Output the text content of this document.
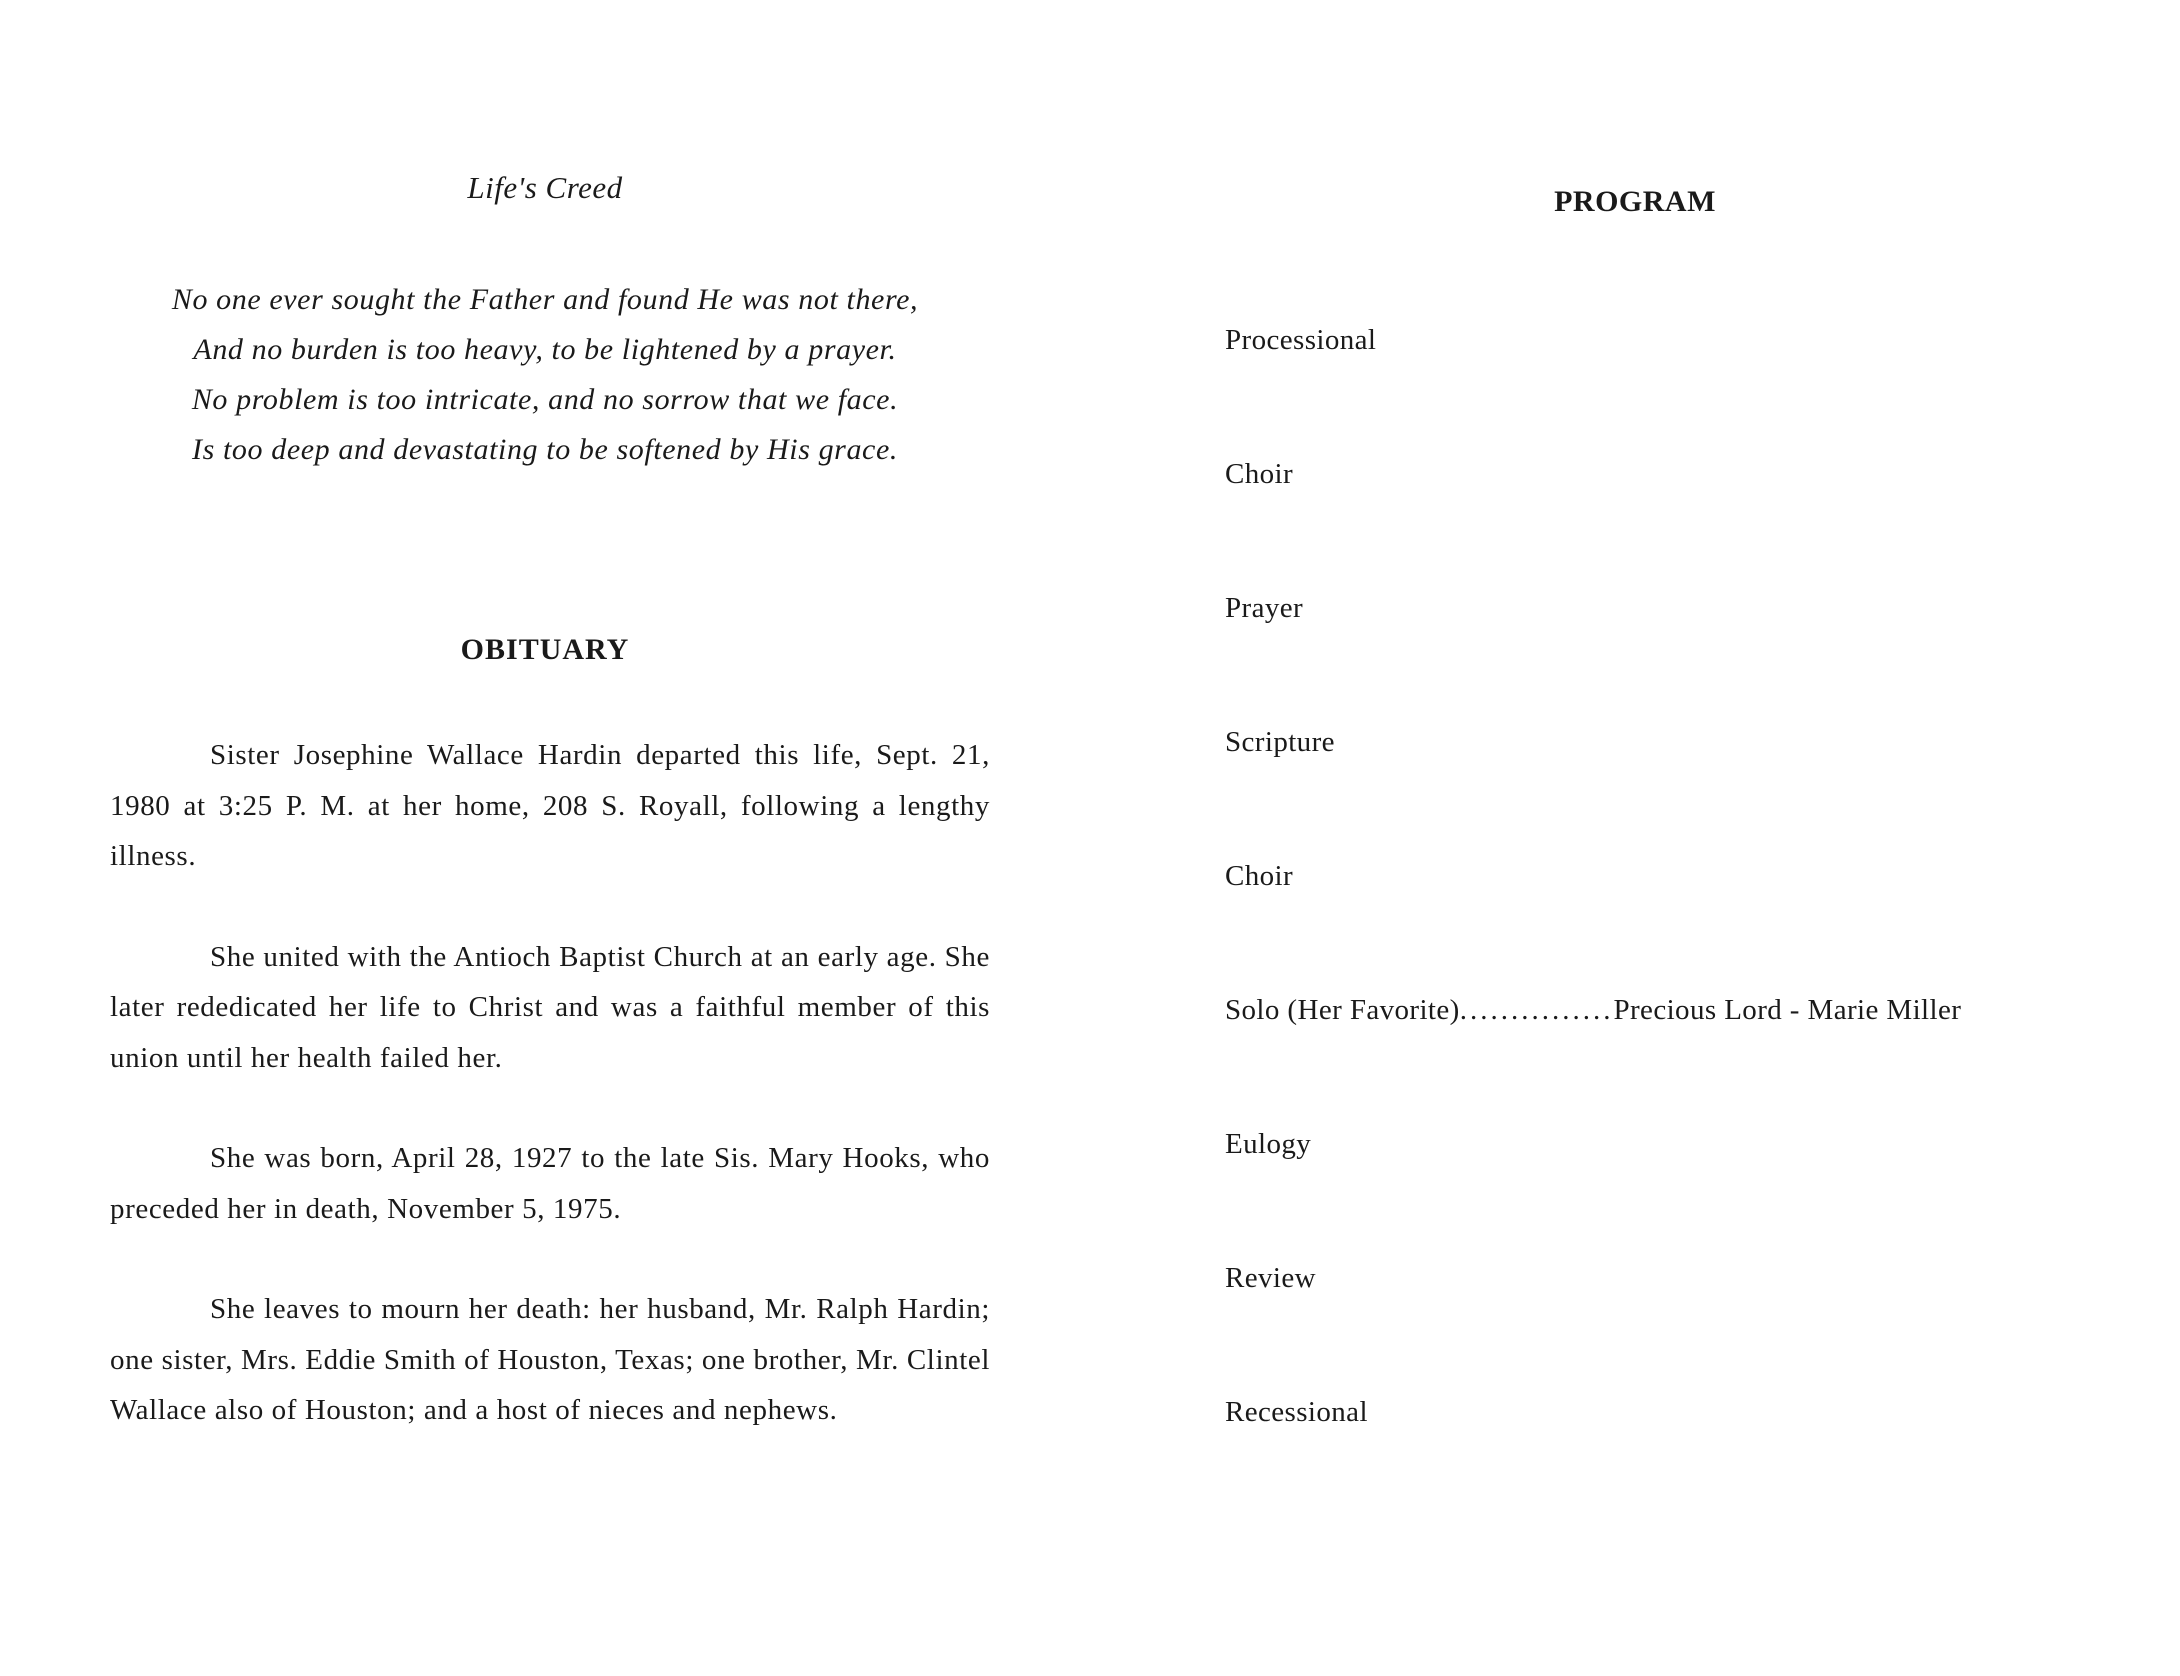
Life's Creed
No one ever sought the Father and found He was not there,
And no burden is too heavy, to be lightened by a prayer.
No problem is too intricate, and no sorrow that we face.
Is too deep and devastating to be softened by His grace.
OBITUARY

Sister Josephine Wallace Hardin departed this life, Sept. 21, 1980 at 3:25 P. M. at her home, 208 S. Royall, following a lengthy illness.

She united with the Antioch Baptist Church at an early age. She later rededicated her life to Christ and was a faithful member of this union until her health failed her.

She was born, April 28, 1927 to the late Sis. Mary Hooks, who preceded her in death, November 5, 1975.

She leaves to mourn her death: her husband, Mr. Ralph Hardin; one sister, Mrs. Eddie Smith of Houston, Texas; one brother, Mr. Clintel Wallace also of Houston; and a host of nieces and nephews.

PROGRAM
Processional
Choir
Prayer
Scripture
Choir
Solo (Her Favorite)...............Precious Lord - Marie Miller
Eulogy
Review
Recessional
